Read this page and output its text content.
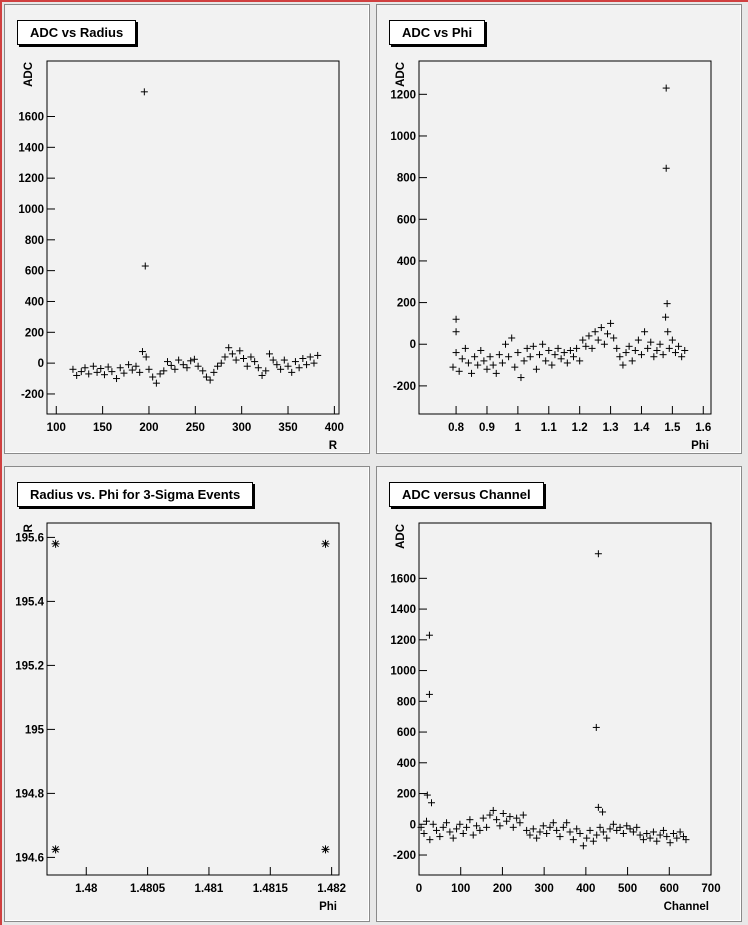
100 150 200 250 300 350 400
-200
0
200
400
600
800
1000
1200
1400
1600
R
ADC
ADC vs Radius
0.8 0.9 1 1.1 1.2 1.3 1.4 1.5 1.6
-200
0
200
400
600
800
1000
1200
Phi
ADC
ADC vs Phi
1.48	1.4805	1.481	1.4815	1.482
194.6
194.8
195
195.2
195.4
195.6
Phi
R
Radius vs. Phi for 3-Sigma Events
0	100 200 300 400 500 600 700
-200
0
200
400
600
800
1000
1200
1400
1600
Channel
ADC
ADC versus Channel
